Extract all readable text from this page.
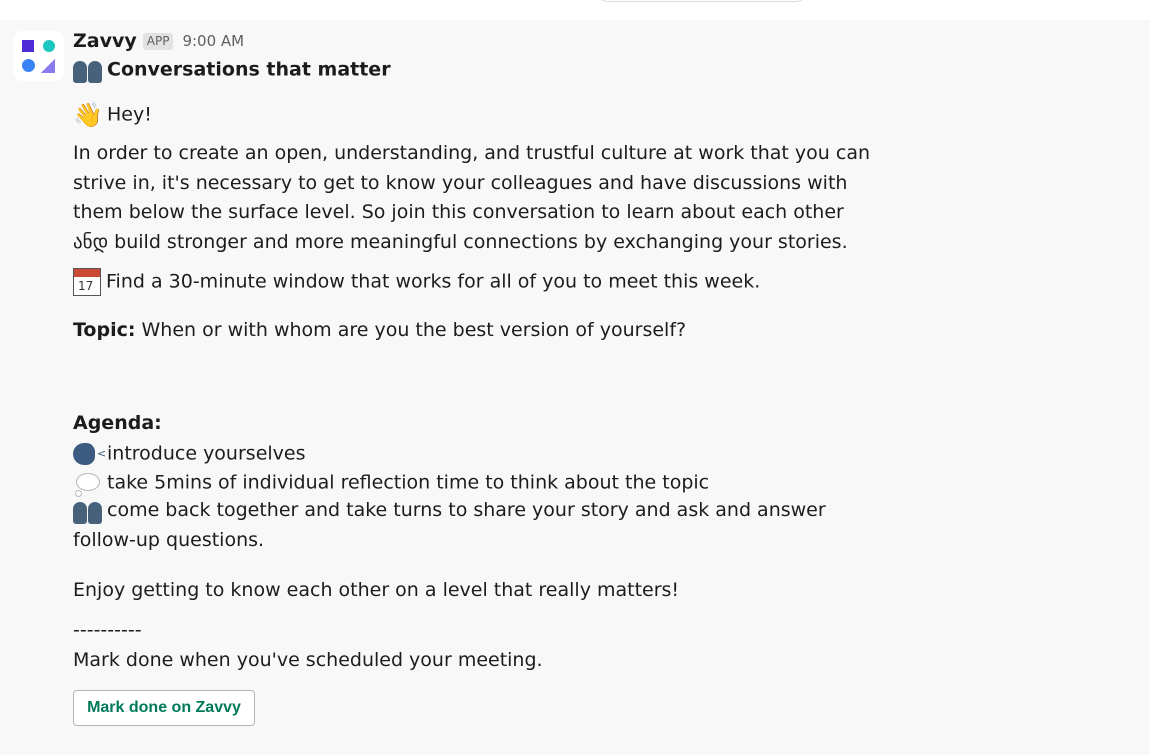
Zavvy APP 9:00 AM
Conversations that matter
👋 Hey!
In order to create an open, understanding, and trustful culture at work that you can strive in, it's necessary to get to know your colleagues and have discussions with them below the surface level. So join this conversation to learn about each other ანდ build stronger and more meaningful connections by exchanging your stories.
17 Find a 30-minute window that works for all of you to meet this week.
Topic: When or with whom are you the best version of yourself?
Agenda:
< introduce yourselves
take 5mins of individual reflection time to think about the topic
come back together and take turns to share your story and ask and answer follow-up questions.
Enjoy getting to know each other on a level that really matters!
----------
Mark done when you've scheduled your meeting.
Mark done on Zavvy
